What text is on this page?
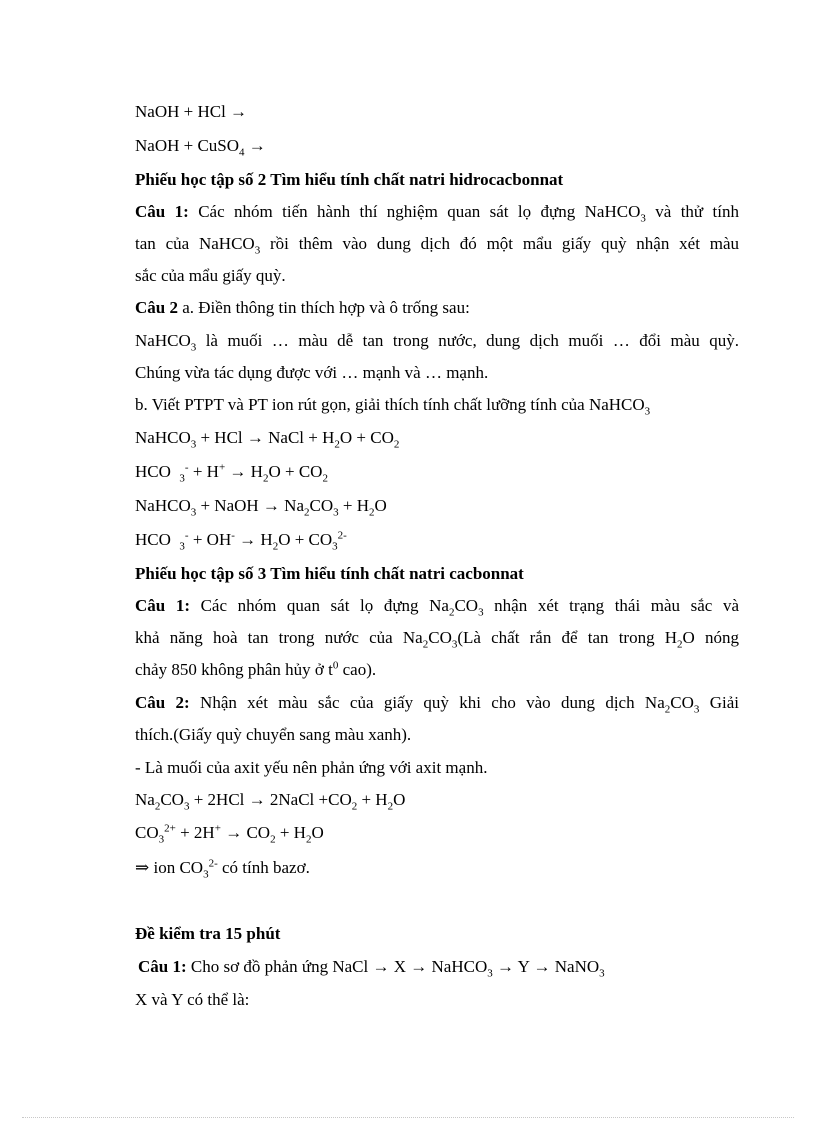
NaOH + HCl →
NaOH + CuSO$_4$ →
Phiếu học tập số 2 Tìm hiểu tính chất natri hidrocacbonnat
Câu 1: Các nhóm tiến hành thí nghiệm quan sát lọ đựng NaHCO$_3$ và thử tính
tan của NaHCO$_3$ rồi thêm vào dung dịch đó một mẩu giấy quỳ nhận xét màu
sắc của mẩu giấy quỳ.
Câu 2 a. Điền thông tin thích hợp và ô trống sau:
NaHCO$_3$ là muối … màu dễ tan trong nước, dung dịch muối … đổi màu quỳ.
Chúng vừa tác dụng được với … mạnh và … mạnh.
b. Viết PTPT và PT ion rút gọn, giải thích tính chất lưỡng tính của NaHCO$_3$
NaHCO$_3$ + HCl → NaCl + $H_2O + CO_2$
HCO  $_3^- + H^+ \to H_2O + CO_2$
NaHCO$_3$ + NaOH → $Na_2CO_3 + H_2O$
HCO  $_3^- + OH^- \to H_2O + CO_3^{2-}$
Phiếu học tập số 3 Tìm hiểu tính chất natri cacbonnat
Câu 1: Các nhóm quan sát lọ đựng $Na_2CO_3$ nhận xét trạng thái màu sắc và
khả năng hoà tan trong nước của $Na_2CO_3(Là$ chất rắn để tan trong $H_2O$ nóng
chảy 850 không phân hủy ở $t^0$ cao).
Câu 2: Nhận xét màu sắc của giấy quỳ khi cho vào dung dịch $Na_2CO_3$ Giải
thích.(Giấy quỳ chuyển sang màu xanh).
- Là muối của axit yếu nên phản ứng với axit mạnh.
$Na_2CO_3 + 2HCl$ → 2NaCl $+CO_2 + H_2O$
$CO_3^{2+} + 2H^+ \to CO_2 + H_2O$
⇒ ion $CO_3^{2-}$ có tính bazơ.
Đề kiểm tra 15 phút
Câu 1: Cho sơ đồ phản ứng NaCl → X → NaHCO$_3$ → Y → NaNO$_3$
X và Y có thể là:
